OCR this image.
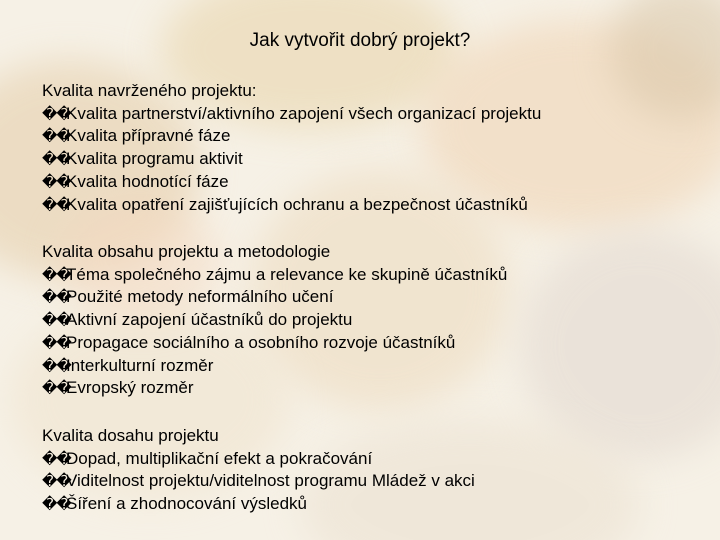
Jak vytvořit dobrý projekt?
Kvalita navrženého projektu:
��
Kvalita partnerství/aktivního zapojení všech organizací projektu
��
Kvalita přípravné fáze
��
Kvalita programu aktivit
��
Kvalita hodnotící fáze
��
Kvalita opatření zajišťujících ochranu a bezpečnost účastníků
Kvalita obsahu projektu a metodologie
��
Téma společného zájmu a relevance ke skupině účastníků
��
Použité metody neformálního učení
��
Aktivní zapojení účastníků do projektu
��
Propagace sociálního a osobního rozvoje účastníků
��
Interkulturní rozměr
��
Evropský rozměr
Kvalita dosahu projektu
��
Dopad, multiplikační efekt a pokračování
��
Viditelnost projektu/viditelnost programu Mládež v akci
��
Šíření a zhodnocování výsledků
